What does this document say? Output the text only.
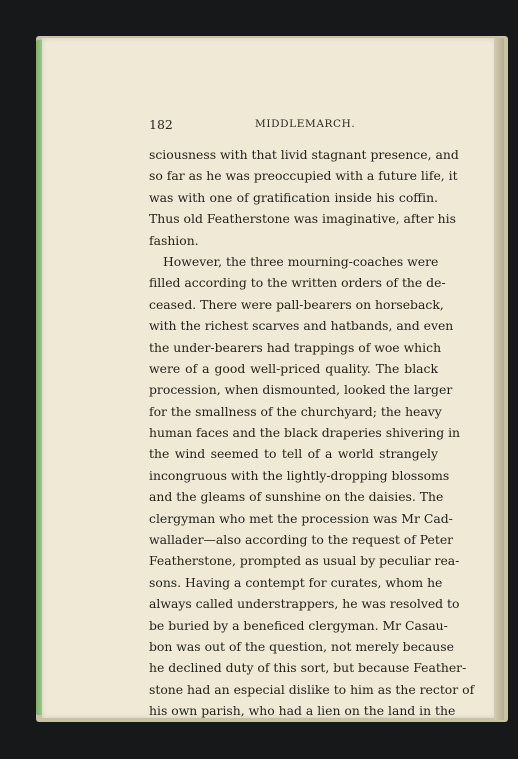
182	MIDDLEMARCH.
sciousness with that livid stagnant presence, and
so far as he was preoccupied with a future life, it
was with one of gratification inside his coffin.
Thus old Featherstone was imaginative, after his
fashion.
However, the three mourning-coaches were
filled according to the written orders of the de-
ceased. There were pall-bearers on horseback,
with the richest scarves and hatbands, and even
the under-bearers had trappings of woe which
were of a good well-priced quality. The black
procession, when dismounted, looked the larger
for the smallness of the churchyard; the heavy
human faces and the black draperies shivering in
the wind seemed to tell of a world strangely
incongruous with the lightly-dropping blossoms
and the gleams of sunshine on the daisies. The
clergyman who met the procession was Mr Cad-
wallader—also according to the request of Peter
Featherstone, prompted as usual by peculiar rea-
sons. Having a contempt for curates, whom he
always called understrappers, he was resolved to
be buried by a beneficed clergyman. Mr Casau-
bon was out of the question, not merely because
he declined duty of this sort, but because Feather-
stone had an especial dislike to him as the rector of
his own parish, who had a lien on the land in the
